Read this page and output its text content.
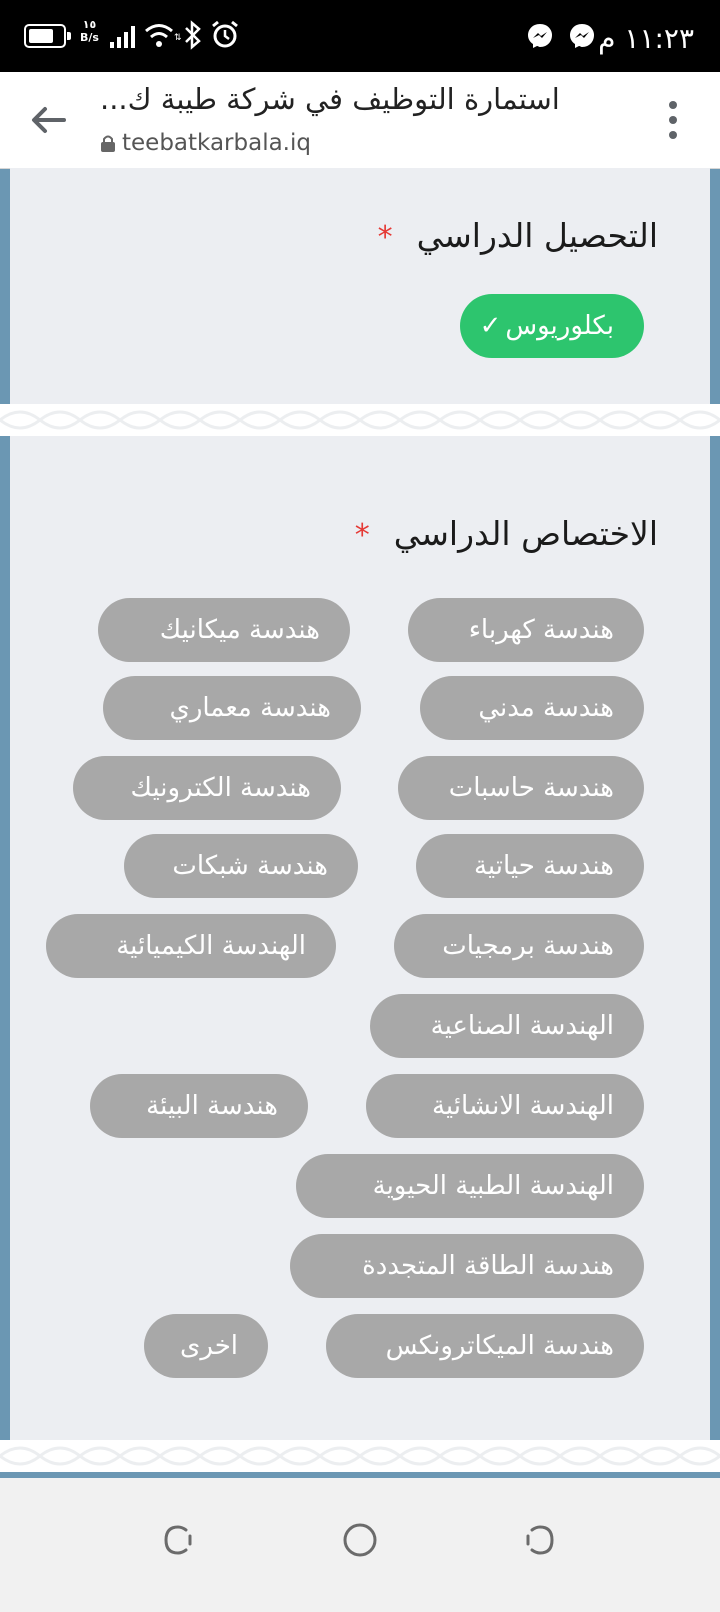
١٥
B/s	⇅	١١:٢٣ م
استمارة التوظيف في شركة طيبة ك...
teebatkarbala.iq
التحصيل الدراسي*
بكلوريوس
✓
الاختصاص الدراسي*
هندسة كهرباء
هندسة ميكانيك
هندسة مدني
هندسة معماري
هندسة حاسبات
هندسة الكترونيك
هندسة حياتية
هندسة شبكات
هندسة برمجيات
الهندسة الكيميائية
الهندسة الصناعية
الهندسة الانشائية
هندسة البيئة
الهندسة الطبية الحيوية
هندسة الطاقة المتجددة
هندسة الميكاترونكس
اخرى
